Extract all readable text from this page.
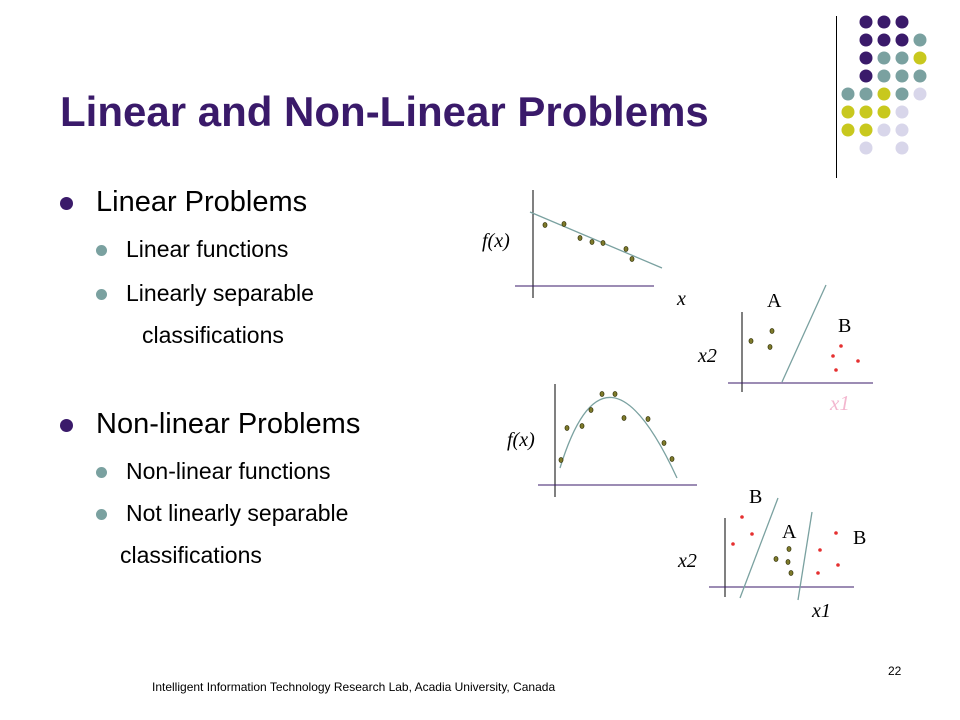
Linear and Non-Linear Problems
Linear Problems
Linear functions
Linearly separable
classifications
Non-linear Problems
Non-linear functions
Not linearly separable
classifications
f(x)
x	A
B
x2
x1
f(x)
B
A	B
x2
x1
22
Intelligent Information Technology Research Lab, Acadia University, Canada
